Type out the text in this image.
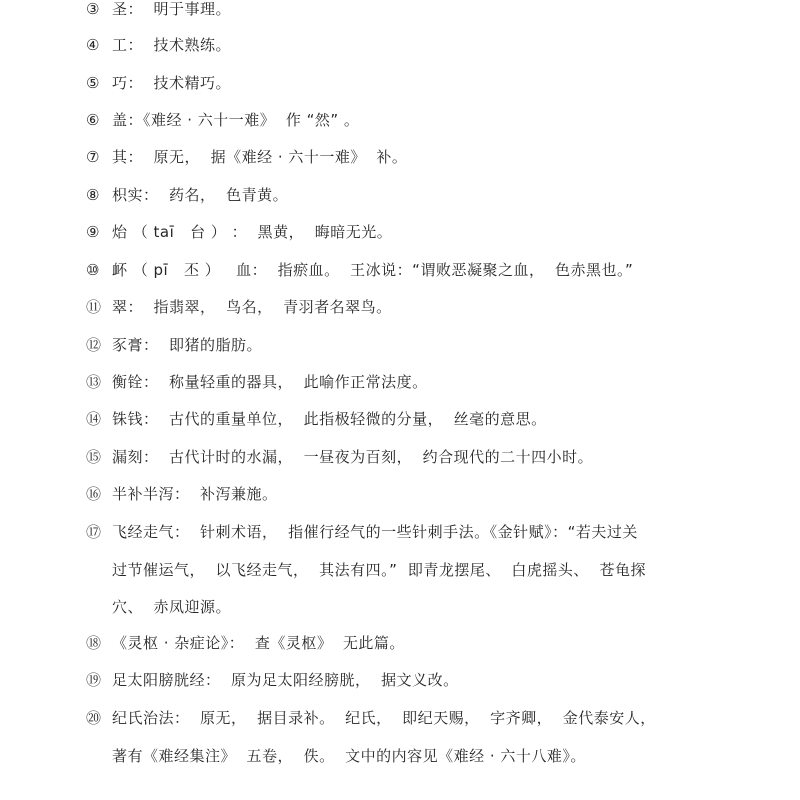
③ 圣：  明于事理。
④ 工：  技术熟练。
⑤ 巧：  技术精巧。
⑥ 盖：《难经 · 六十一难》  作 “然” 。
⑦ 其：  原无，  据《难经 · 六十一难》  补。
⑧ 枳实：  药名，  色青黄。
⑨ 炲 （ taī   台 ） ：  黑黄，  晦暗无光。
⑩ 衃 （ pī   丕 ）   血：  指瘀血。  王冰说：“谓败恶凝聚之血，  色赤黑也。”
⑪ 翠：  指翡翠，  鸟名，  青羽者名翠鸟。
⑫ 豕膏：  即猪的脂肪。
⑬ 衡铨：  称量轻重的器具，  此喻作正常法度。
⑭ 铢钱：  古代的重量单位，  此指极轻微的分量，  丝毫的意思。
⑮ 漏刻：  古代计时的水漏，  一昼夜为百刻，  约合现代的二十四小时。
⑯ 半补半泻：  补泻兼施。
⑰ 飞经走气：  针刺术语，  指催行经气的一些针刺手法。《金针赋》：“若夫过关
过节催运气，  以飞经走气，  其法有四。”  即青龙摆尾、  白虎摇头、  苍龟探
穴、  赤凤迎源。
⑱ 《灵枢 · 杂症论》：  查《灵枢》  无此篇。
⑲ 足太阳膀胱经：  原为足太阳经膀胱，  据文义改。
⑳ 纪氏治法：  原无，  据目录补。  纪氏，  即纪天赐，  字齐卿，  金代泰安人，
著有《难经集注》  五卷，  佚。  文中的内容见《难经 · 六十八难》。
